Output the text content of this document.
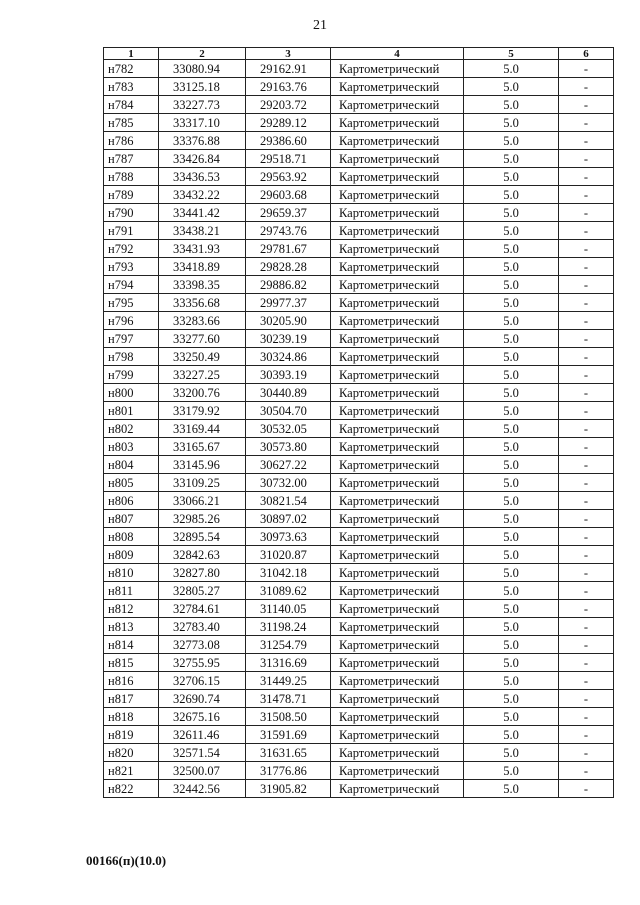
21
1	2	3	4	5	6
н782	33080.94	29162.91	Картометрический	5.0	-
н783	33125.18	29163.76	Картометрический	5.0	-
н784	33227.73	29203.72	Картометрический	5.0	-
н785	33317.10	29289.12	Картометрический	5.0	-
н786	33376.88	29386.60	Картометрический	5.0	-
н787	33426.84	29518.71	Картометрический	5.0	-
н788	33436.53	29563.92	Картометрический	5.0	-
н789	33432.22	29603.68	Картометрический	5.0	-
н790	33441.42	29659.37	Картометрический	5.0	-
н791	33438.21	29743.76	Картометрический	5.0	-
н792	33431.93	29781.67	Картометрический	5.0	-
н793	33418.89	29828.28	Картометрический	5.0	-
н794	33398.35	29886.82	Картометрический	5.0	-
н795	33356.68	29977.37	Картометрический	5.0	-
н796	33283.66	30205.90	Картометрический	5.0	-
н797	33277.60	30239.19	Картометрический	5.0	-
н798	33250.49	30324.86	Картометрический	5.0	-
н799	33227.25	30393.19	Картометрический	5.0	-
н800	33200.76	30440.89	Картометрический	5.0	-
н801	33179.92	30504.70	Картометрический	5.0	-
н802	33169.44	30532.05	Картометрический	5.0	-
н803	33165.67	30573.80	Картометрический	5.0	-
н804	33145.96	30627.22	Картометрический	5.0	-
н805	33109.25	30732.00	Картометрический	5.0	-
н806	33066.21	30821.54	Картометрический	5.0	-
н807	32985.26	30897.02	Картометрический	5.0	-
н808	32895.54	30973.63	Картометрический	5.0	-
н809	32842.63	31020.87	Картометрический	5.0	-
н810	32827.80	31042.18	Картометрический	5.0	-
н811	32805.27	31089.62	Картометрический	5.0	-
н812	32784.61	31140.05	Картометрический	5.0	-
н813	32783.40	31198.24	Картометрический	5.0	-
н814	32773.08	31254.79	Картометрический	5.0	-
н815	32755.95	31316.69	Картометрический	5.0	-
н816	32706.15	31449.25	Картометрический	5.0	-
н817	32690.74	31478.71	Картометрический	5.0	-
н818	32675.16	31508.50	Картометрический	5.0	-
н819	32611.46	31591.69	Картометрический	5.0	-
н820	32571.54	31631.65	Картометрический	5.0	-
н821	32500.07	31776.86	Картометрический	5.0	-
н822	32442.56	31905.82	Картометрический	5.0	-
00166(п)(10.0)
